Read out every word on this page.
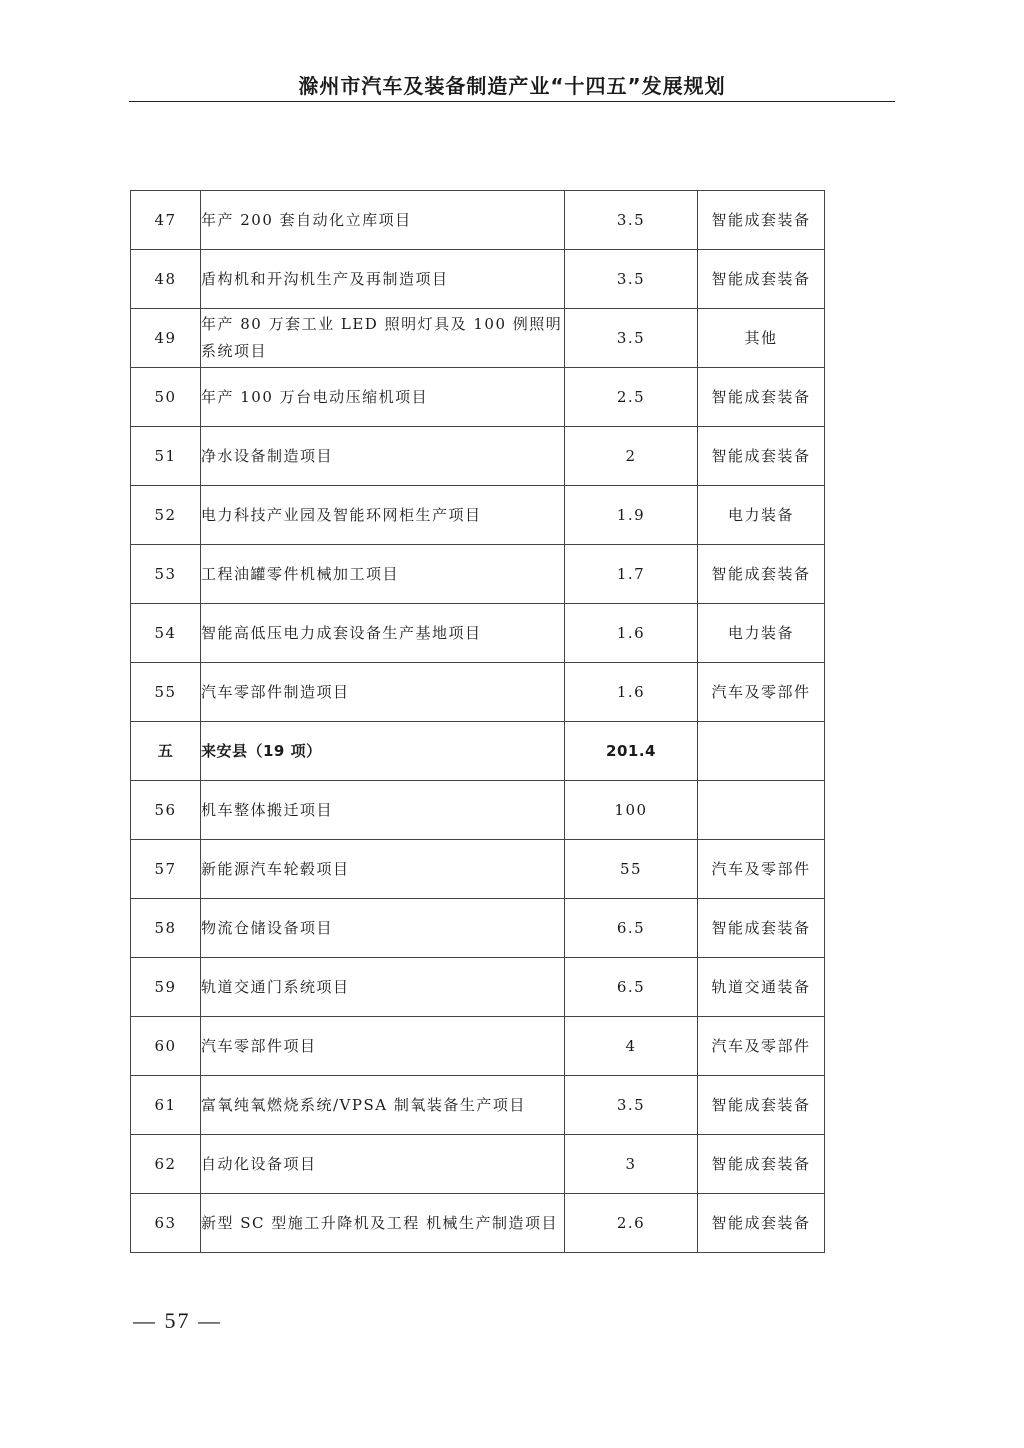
滁州市汽车及装备制造产业“十四五”发展规划
47	年产 200 套自动化立库项目	3.5	智能成套装备
48	盾构机和开沟机生产及再制造项目	3.5	智能成套装备
49	年产 80 万套工业 LED 照明灯具及 100 例照明系统项目	3.5	其他
50	年产 100 万台电动压缩机项目	2.5	智能成套装备
51	净水设备制造项目	2	智能成套装备
52	电力科技产业园及智能环网柜生产项目	1.9	电力装备
53	工程油罐零件机械加工项目	1.7	智能成套装备
54	智能高低压电力成套设备生产基地项目	1.6	电力装备
55	汽车零部件制造项目	1.6	汽车及零部件
五	来安县（19 项）	201.4	
56	机车整体搬迁项目	100	
57	新能源汽车轮毂项目	55	汽车及零部件
58	物流仓储设备项目	6.5	智能成套装备
59	轨道交通门系统项目	6.5	轨道交通装备
60	汽车零部件项目	4	汽车及零部件
61	富氧纯氧燃烧系统/VPSA 制氧装备生产项目	3.5	智能成套装备
62	自动化设备项目	3	智能成套装备
63	新型 SC 型施工升降机及工程 机械生产制造项目	2.6	智能成套装备
— 57 —
